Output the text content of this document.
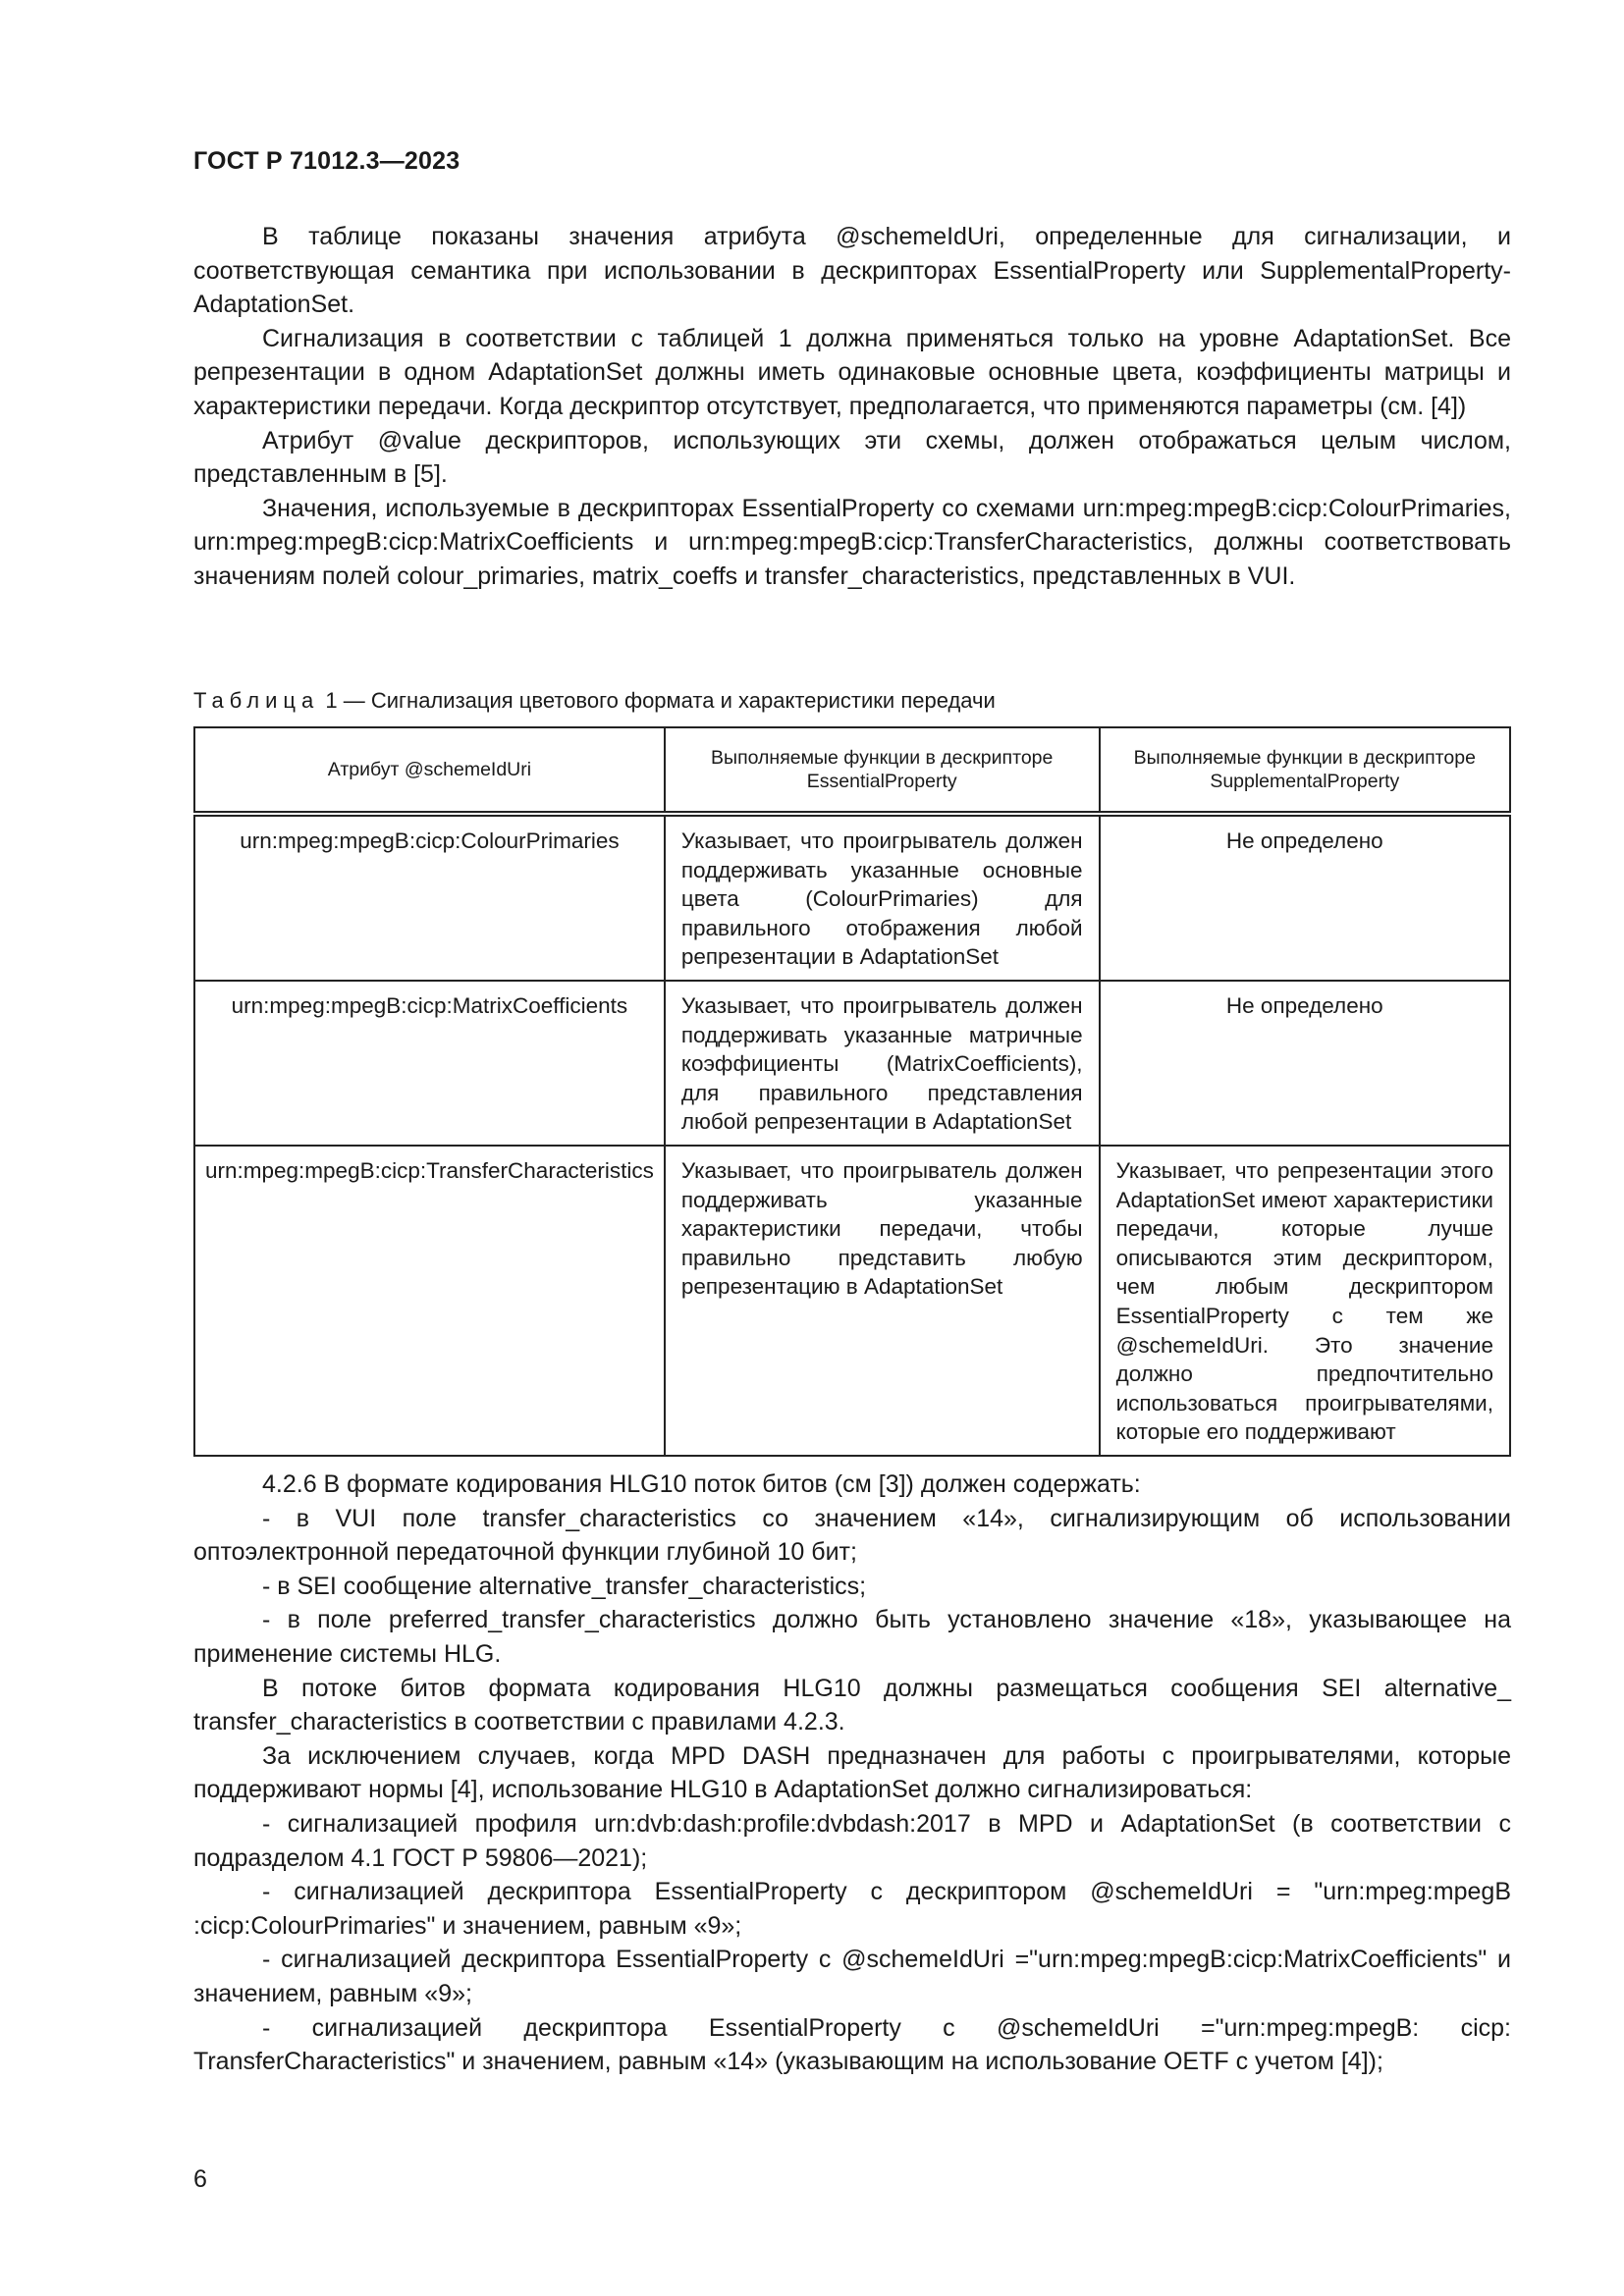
ГОСТ Р 71012.3—2023

В таблице показаны значения атрибута @schemeIdUri, определенные для сигнализации, и соответствующая семантика при использовании в дескрипторах EssentialProperty или SupplementalProperty-AdaptationSet.

Сигнализация в соответствии с таблицей 1 должна применяться только на уровне AdaptationSet. Все репрезентации в одном AdaptationSet должны иметь одинаковые основные цвета, коэффициенты матрицы и характеристики передачи. Когда дескриптор отсутствует, предполагается, что применяются параметры (см. [4])

Атрибут @value дескрипторов, использующих эти схемы, должен отображаться целым числом, представленным в [5].

Значения, используемые в дескрипторах EssentialProperty со схемами urn:mpeg:mpegB:cicp:ColourPrimaries, urn:mpeg:mpegB:cicp:MatrixCoefficients и urn:mpeg:mpegB:cicp:TransferCharacteristics, должны соответствовать значениям полей colour_primaries, matrix_coeffs и transfer_characteristics, представленных в VUI.

Таблица 1 — Сигнализация цветового формата и характеристики передачи
Атрибут @schemeIdUri	Выполняемые функции в дескрипторе EssentialProperty	Выполняемые функции в дескрипторе SupplementalProperty
urn:mpeg:mpegB:cicp:ColourPrimaries	Указывает, что проигрыватель должен поддерживать указанные основные цвета (ColourPrimaries) для правильного отображения любой репрезентации в AdaptationSet	Не определено
urn:mpeg:mpegB:cicp:MatrixCoefficients	Указывает, что проигрыватель должен поддерживать указанные матричные коэффициенты (MatrixCoefficients), для правильного представления любой репрезентации в AdaptationSet	Не определено
urn:mpeg:mpegB:cicp:TransferCharacteristics	Указывает, что проигрыватель должен поддерживать указанные характеристики передачи, чтобы правильно представить любую репрезентацию в AdaptationSet	Указывает, что репрезентации этого AdaptationSet имеют характеристики передачи, которые лучше описываются этим дескриптором, чем любым дескриптором EssentialProperty с тем же @schemeIdUri. Это значение должно предпочтительно использоваться проигрывателями, которые его поддерживают

4.2.6 В формате кодирования HLG10 поток битов (см [3]) должен содержать:

- в VUI поле transfer_characteristics со значением «14», сигнализирующим об использовании оптоэлектронной передаточной функции глубиной 10 бит;

- в SEI сообщение alternative_transfer_characteristics;

- в поле preferred_transfer_characteristics должно быть установлено значение «18», указывающее на применение системы HLG.

В потоке битов формата кодирования HLG10 должны размещаться сообщения SEI alternative_ transfer_characteristics в соответствии с правилами 4.2.3.

За исключением случаев, когда MPD DASH предназначен для работы с проигрывателями, которые поддерживают нормы [4], использование HLG10 в AdaptationSet должно сигнализироваться:

- сигнализацией профиля urn:dvb:dash:profile:dvbdash:2017 в MPD и AdaptationSet (в соответствии с подразделом 4.1 ГОСТ Р 59806—2021);

- сигнализацией дескриптора EssentialProperty с дескриптором @schemeIdUri = "urn:mpeg:mpegB :cicp:ColourPrimaries" и значением, равным «9»;

- сигнализацией дескриптора EssentialProperty с @schemeIdUri ="urn:mpeg:mpegB:cicp:MatrixCoefficients" и значением, равным «9»;

- сигнализацией дескриптора EssentialProperty с @schemeIdUri ="urn:mpeg:mpegB: cicp: TransferCharacteristics" и значением, равным «14» (указывающим на использование OETF с учетом [4]);

6
